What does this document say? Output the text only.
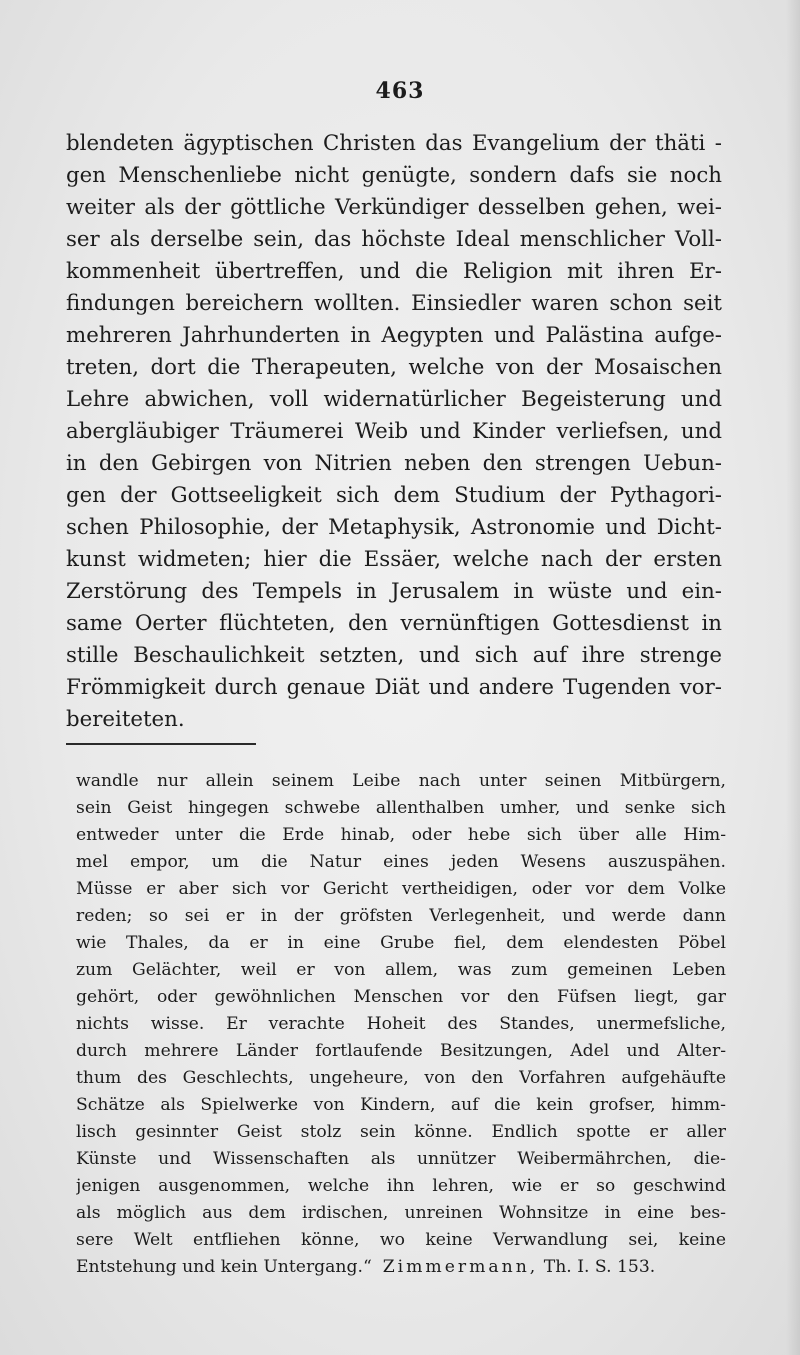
463
blendeten ägyptischen Christen das Evangelium der thäti -
gen Menschenliebe nicht genügte, sondern dafs sie noch
weiter als der göttliche Verkündiger desselben gehen, wei-
ser als derselbe sein, das höchste Ideal menschlicher Voll-
kommenheit übertreffen, und die Religion mit ihren Er-
findungen bereichern wollten. Einsiedler waren schon seit
mehreren Jahrhunderten in Aegypten und Palästina aufge-
treten, dort die Therapeuten, welche von der Mosaischen
Lehre abwichen, voll widernatürlicher Begeisterung und
abergläubiger Träumerei Weib und Kinder verliefsen, und
in den Gebirgen von Nitrien neben den strengen Uebun-
gen der Gottseeligkeit sich dem Studium der Pythagori-
schen Philosophie, der Metaphysik, Astronomie und Dicht-
kunst widmeten; hier die Essäer, welche nach der ersten
Zerstörung des Tempels in Jerusalem in wüste und ein-
same Oerter flüchteten, den vernünftigen Gottesdienst in
stille Beschaulichkeit setzten, und sich auf ihre strenge
Frömmigkeit durch genaue Diät und andere Tugenden vor-
bereiteten.
wandle nur allein seinem Leibe nach unter seinen Mitbürgern,
sein Geist hingegen schwebe allenthalben umher, und senke sich
entweder unter die Erde hinab, oder hebe sich über alle Him-
mel empor, um die Natur eines jeden Wesens auszuspähen.
Müsse er aber sich vor Gericht vertheidigen, oder vor dem Volke
reden; so sei er in der gröfsten Verlegenheit, und werde dann
wie Thales, da er in eine Grube fiel, dem elendesten Pöbel
zum Gelächter, weil er von allem, was zum gemeinen Leben
gehört, oder gewöhnlichen Menschen vor den Füfsen liegt, gar
nichts wisse. Er verachte Hoheit des Standes, unermefsliche,
durch mehrere Länder fortlaufende Besitzungen, Adel und Alter-
thum des Geschlechts, ungeheure, von den Vorfahren aufgehäufte
Schätze als Spielwerke von Kindern, auf die kein grofser, himm-
lisch gesinnter Geist stolz sein könne. Endlich spotte er aller
Künste und Wissenschaften als unnützer Weibermährchen, die-
jenigen ausgenommen, welche ihn lehren, wie er so geschwind
als möglich aus dem irdischen, unreinen Wohnsitze in eine bes-
sere Welt entfliehen könne, wo keine Verwandlung sei, keine
Entstehung und kein Untergang.“ Zimmermann, Th. I. S. 153.
